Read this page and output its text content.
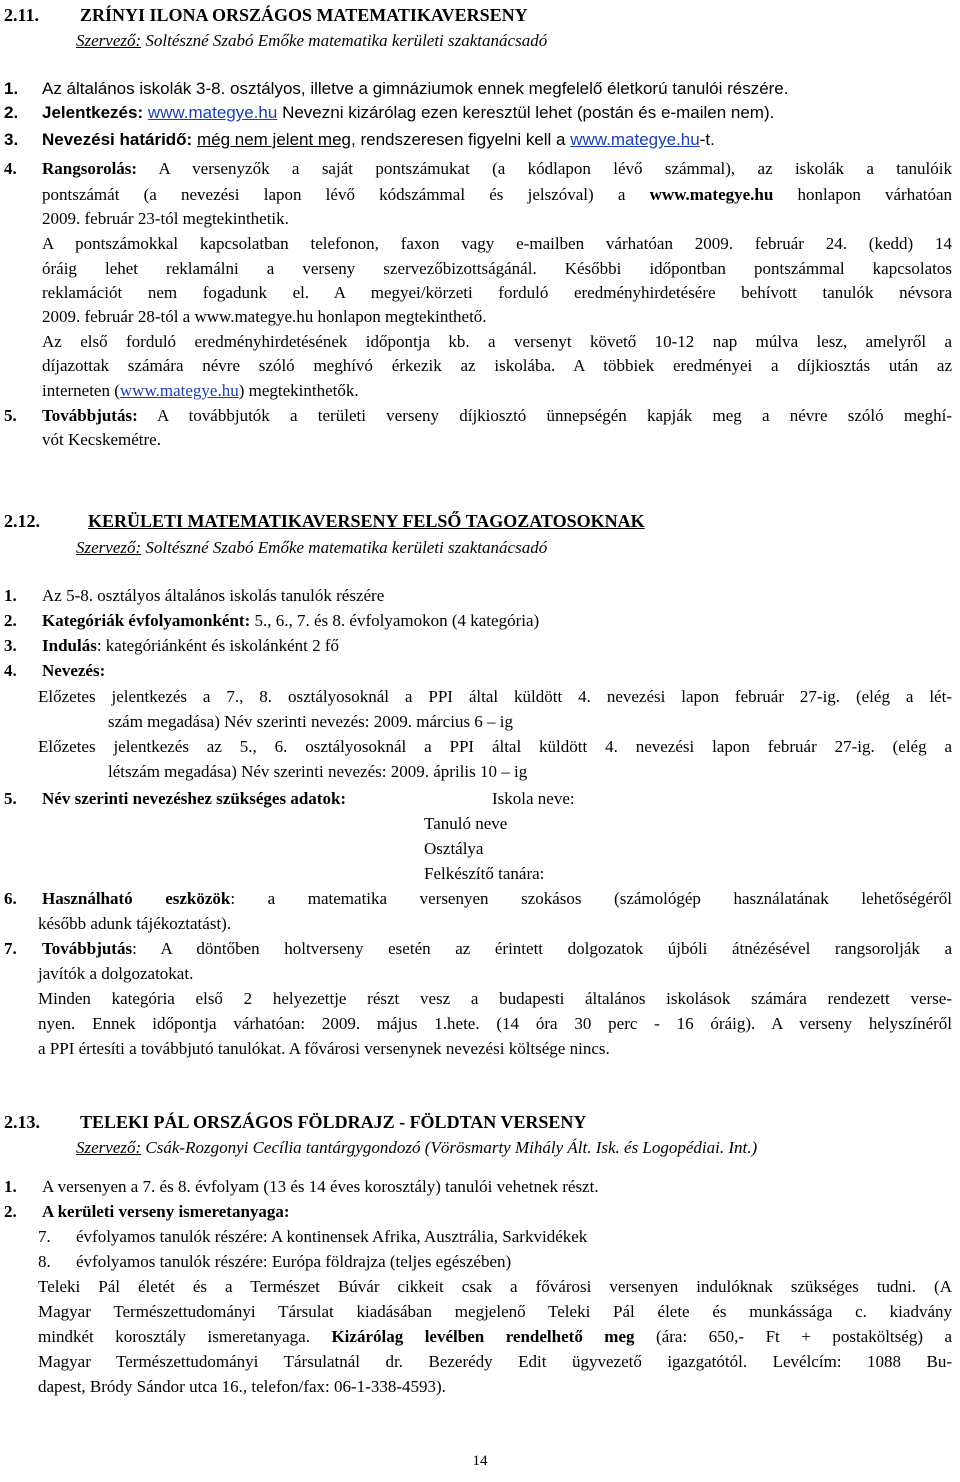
2.11. ZRÍNYI ILONA ORSZÁGOS MATEMATIKAVERSENY
Szervező: Soltészné Szabó Emőke matematika kerületi szaktanácsadó
1. Az általános iskolák 3-8. osztályos, illetve a gimnáziumok ennek megfelelő életkorú tanulói részére.
2. Jelentkezés: www.mategye.hu Nevezni kizárólag ezen keresztül lehet (postán és e-mailen nem).
3. Nevezési határidő: még nem jelent meg, rendszeresen figyelni kell a www.mategye.hu-t.
4. Rangsorolás: A versenyzők a saját pontszámukat (a kódlapon lévő számmal), az iskolák a tanulóik
pontszámát (a nevezési lapon lévő kódszámmal és jelszóval) a www.mategye.hu honlapon várhatóan
2009. február 23-tól megtekinthetik.
A pontszámokkal kapcsolatban telefonon, faxon vagy e-mailben várhatóan 2009. február 24. (kedd) 14
óráig lehet reklamálni a verseny szervezőbizottságánál. Későbbi időpontban pontszámmal kapcsolatos
reklamációt nem fogadunk el. A megyei/körzeti forduló eredményhirdetésére behívott tanulók névsora
2009. február 28-tól a www.mategye.hu honlapon megtekinthető.
Az első forduló eredményhirdetésének időpontja kb. a versenyt követő 10-12 nap múlva lesz, amelyről a
díjazottak számára névre szóló meghívó érkezik az iskolába. A többiek eredményei a díjkiosztás után az
interneten (www.mategye.hu) megtekinthetők.
5. Továbbjutás: A továbbjutók a területi verseny díjkiosztó ünnepségén kapják meg a névre szóló meghí-
vót Kecskemétre.
2.12.	KERÜLETI MATEMATIKAVERSENY FELSŐ TAGOZATOSOKNAK
Szervező: Soltészné Szabó Emőke matematika kerületi szaktanácsadó
1. Az 5-8. osztályos általános iskolás tanulók részére
2. Kategóriák évfolyamonként: 5., 6., 7. és 8. évfolyamokon (4 kategória)
3. Indulás: kategóriánként és iskolánként 2 fő
4. Nevezés:
Előzetes jelentkezés a 7., 8. osztályosoknál a PPI által küldött 4. nevezési lapon február 27-ig. (elég a lét-
szám megadása) Név szerinti nevezés: 2009. március 6 – ig
Előzetes jelentkezés az 5., 6. osztályosoknál a PPI által küldött 4. nevezési lapon február 27-ig. (elég a
létszám megadása) Név szerinti nevezés: 2009. április 10 – ig
5. Név szerinti nevezéshez szükséges adatok:	Iskola neve:
Tanuló neve
Osztálya
Felkészítő tanára:
6. Használható eszközök: a matematika versenyen szokásos (számológép használatának lehetőségéről
később adunk tájékoztatást).
7. Továbbjutás: A döntőben holtverseny esetén az érintett dolgozatok újbóli átnézésével rangsorolják a
javítók a dolgozatokat.
Minden kategória első 2 helyezettje részt vesz a budapesti általános iskolások számára rendezett verse-
nyen. Ennek időpontja várhatóan: 2009. május 1.hete. (14 óra 30 perc - 16 óráig). A verseny helyszínéről
a PPI értesíti a továbbjutó tanulókat. A fővárosi versenynek nevezési költsége nincs.
2.13. TELEKI PÁL ORSZÁGOS FÖLDRAJZ - FÖLDTAN VERSENY
Szervező: Csák-Rozgonyi Cecília tantárgygondozó (Vörösmarty Mihály Ált. Isk. és Logopédiai. Int.)
1. A versenyen a 7. és 8. évfolyam (13 és 14 éves korosztály) tanulói vehetnek részt.
2. A kerületi verseny ismeretanyaga:
7. évfolyamos tanulók részére: A kontinensek Afrika, Ausztrália, Sarkvidékek
8. évfolyamos tanulók részére: Európa földrajza (teljes egészében)
Teleki Pál életét és a Természet Búvár cikkeit csak a fővárosi versenyen indulóknak szükséges tudni. (A
Magyar Természettudományi Társulat kiadásában megjelenő Teleki Pál élete és munkássága c. kiadvány
mindkét korosztály ismeretanyaga. Kizárólag levélben rendelhető meg (ára: 650,- Ft + postaköltség) a
Magyar Természettudományi Társulatnál dr. Bezerédy Edit ügyvezető igazgatótól. Levélcím: 1088 Bu-
dapest, Bródy Sándor utca 16., telefon/fax: 06-1-338-4593).
14
